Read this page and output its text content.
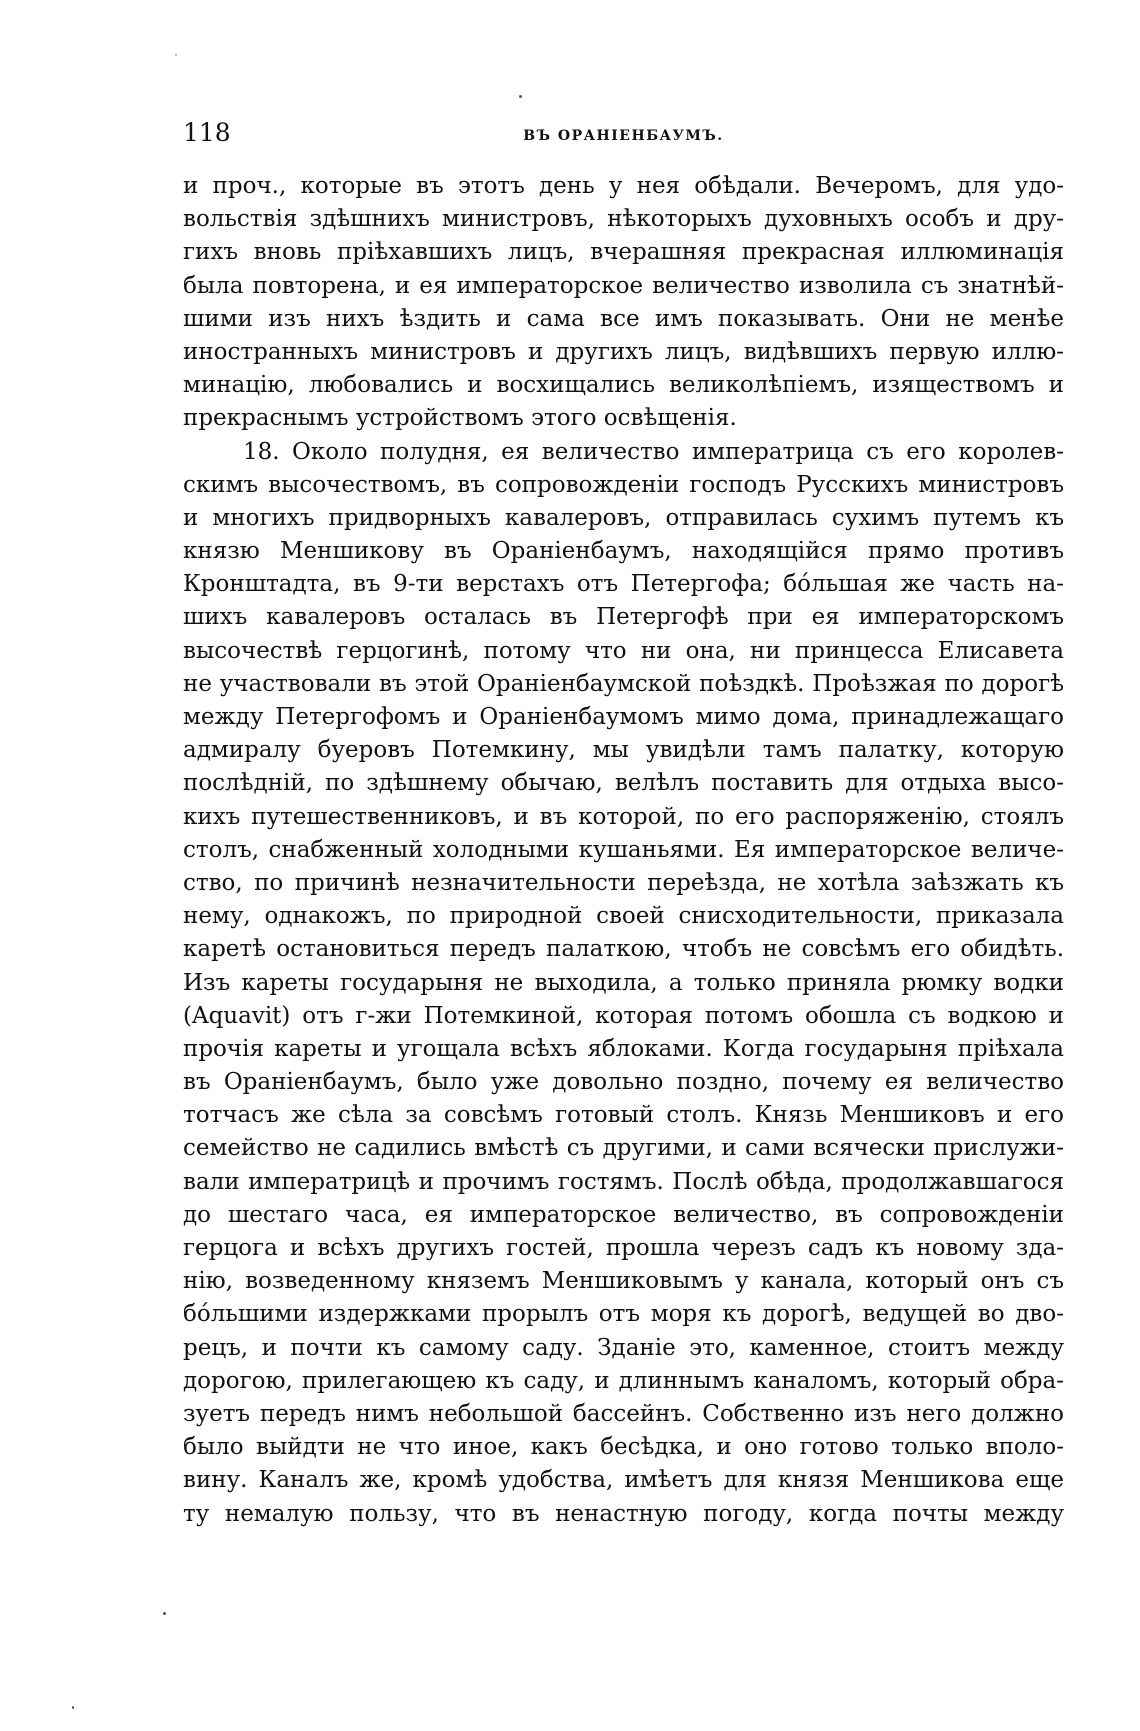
118	ВЪ ОРАНІЕНБАУМЪ.
и проч., которые въ этотъ день у нея обѣдали. Вечеромъ, для удо-
вольствія здѣшнихъ министровъ, нѣкоторыхъ духовныхъ особъ и дру-
гихъ вновь пріѣхавшихъ лицъ, вчерашняя прекрасная иллюминація
была повторена, и ея императорское величество изволила съ знатнѣй-
шими изъ нихъ ѣздить и сама все имъ показывать. Они не менѣе
иностранныхъ министровъ и другихъ лицъ, видѣвшихъ первую иллю-
минацію, любовались и восхищались великолѣпіемъ, изяществомъ и
прекраснымъ устройствомъ этого освѣщенія.
18. Около полудня, ея величество императрица съ его королев-
скимъ высочествомъ, въ сопровожденіи господъ Русскихъ министровъ
и многихъ придворныхъ кавалеровъ, отправилась сухимъ путемъ къ
князю Меншикову въ Ораніенбаумъ, находящійся прямо противъ
Кронштадта, въ 9-ти верстахъ отъ Петергофа; бо́льшая же часть на-
шихъ кавалеровъ осталась въ Петергофѣ при ея императорскомъ
высочествѣ герцогинѣ, потому что ни она, ни принцесса Елисавета
не участвовали въ этой Ораніенбаумской поѣздкѣ. Проѣзжая по дорогѣ
между Петергофомъ и Ораніенбаумомъ мимо дома, принадлежащаго
адмиралу буеровъ Потемкину, мы увидѣли тамъ палатку, которую
послѣдній, по здѣшнему обычаю, велѣлъ поставить для отдыха высо-
кихъ путешественниковъ, и въ которой, по его распоряженію, стоялъ
столъ, снабженный холодными кушаньями. Ея императорское величе-
ство, по причинѣ незначительности переѣзда, не хотѣла заѣзжать къ
нему, однакожъ, по природной своей снисходительности, приказала
каретѣ остановиться передъ палаткою, чтобъ не совсѣмъ его обидѣть.
Изъ кареты государыня не выходила, а только приняла рюмку водки
(Aquavit) отъ г-жи Потемкиной, которая потомъ обошла съ водкою и
прочія кареты и угощала всѣхъ яблоками. Когда государыня пріѣхала
въ Ораніенбаумъ, было уже довольно поздно, почему ея величество
тотчасъ же сѣла за совсѣмъ готовый столъ. Князь Меншиковъ и его
семейство не садились вмѣстѣ съ другими, и сами всячески прислужи-
вали императрицѣ и прочимъ гостямъ. Послѣ обѣда, продолжавшагося
до шестаго часа, ея императорское величество, въ сопровожденіи
герцога и всѣхъ другихъ гостей, прошла черезъ садъ къ новому зда-
нію, возведенному княземъ Меншиковымъ у канала, который онъ съ
бо́льшими издержками прорылъ отъ моря къ дорогѣ, ведущей во дво-
рецъ, и почти къ самому саду. Зданіе это, каменное, стоитъ между
дорогою, прилегающею къ саду, и длиннымъ каналомъ, который обра-
зуетъ передъ нимъ небольшой бассейнъ. Собственно изъ него должно
было выйдти не что иное, какъ бесѣдка, и оно готово только вполо-
вину. Каналъ же, кромѣ удобства, имѣетъ для князя Меншикова еще
ту немалую пользу, что въ ненастную погоду, когда почты между
